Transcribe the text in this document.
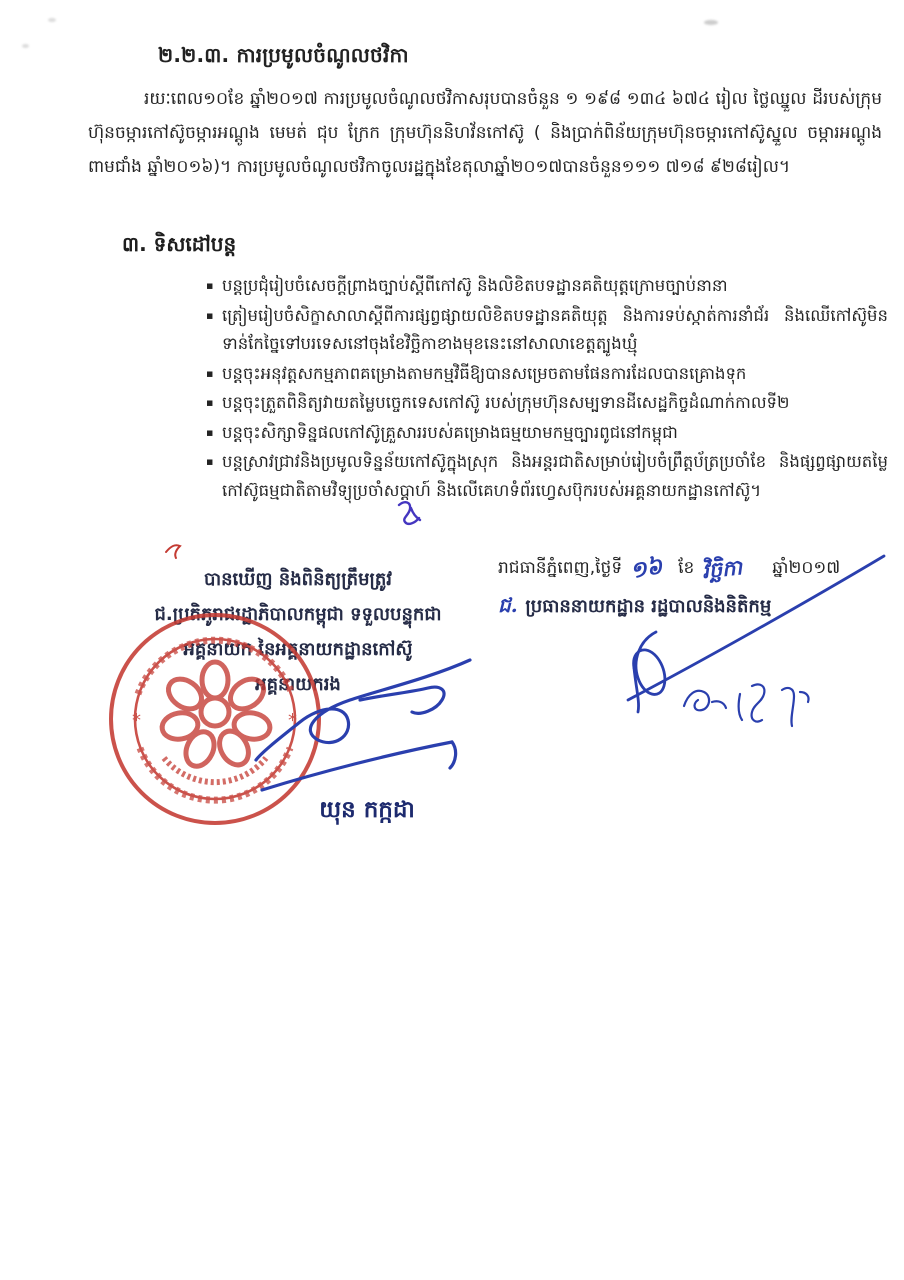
២.២.៣. ការប្រមូលចំណូលថវិកា
រយៈពេល១០ខែ ឆ្នាំ២០១៧ ការប្រមូលចំណូលថវិកាសរុបបានចំនួន ១ ១៩៨ ១៣៤ ៦៧៤ រៀល ថ្លៃឈ្នួល ដីរបស់ក្រុមហ៊ុនចម្ការកៅស៊ូចម្ការអណ្ដូង មេមត់ ជុប ក្រែក ក្រុមហ៊ុននិហវ័នកៅស៊ូ ( និងប្រាក់ពិន័យក្រុមហ៊ុនចម្ការកៅស៊ូស្នួល ចម្ការអណ្ដូង ពាមជាំង ឆ្នាំ២០១៦)។ ការប្រមូលចំណូលថវិកាចូលរដ្ឋក្នុងខែតុលាឆ្នាំ២០១៧បានចំនួន១១១ ៧១៨ ៩២៨រៀល។
៣. ទិសដៅបន្ត
▪ បន្តប្រជុំរៀបចំសេចក្ដីព្រាងច្បាប់ស្ដីពីកៅស៊ូ និងលិខិតបទដ្ឋានគតិយុត្តក្រោមច្បាប់នានា
▪ ត្រៀមរៀបចំសិក្ខាសាលាស្ដីពីការផ្សព្វផ្សាយលិខិតបទដ្ឋានគតិយុត្ត និងការទប់ស្កាត់ការនាំជ័រ និងឈើកៅស៊ូមិនទាន់កែច្នៃទៅបរទេសនៅចុងខែវិច្ឆិកាខាងមុខនេះនៅសាលាខេត្តត្បូងឃ្មុំ
▪ បន្តចុះអនុវត្តសកម្មភាពគម្រោងតាមកម្មវិធីឱ្យបានសម្រេចតាមផែនការដែលបានគ្រោងទុក
▪ បន្តចុះត្រួតពិនិត្យវាយតម្លៃបច្ចេកទេសកៅស៊ូ របស់ក្រុមហ៊ុនសម្បទានដីសេដ្ឋកិច្ចដំណាក់កាលទី២
▪ បន្តចុះសិក្សាទិន្នផលកៅស៊ូគ្រួសាររបស់គម្រោងធម្មយាមកម្មច្បារពូជនៅកម្ពុជា
▪ បន្តស្រាវជ្រាវនិងប្រមូលទិន្នន័យកៅស៊ូក្នុងស្រុក និងអន្តរជាតិសម្រាប់រៀបចំព្រឹត្តប័ត្រប្រចាំខែ និងផ្សព្វផ្សាយតម្លៃកៅស៊ូធម្មជាតិតាមវិទ្យុប្រចាំសប្ដាហ៍ និងលើគេហទំព័រហ្វេសប៊ុករបស់អគ្គនាយកដ្ឋានកៅស៊ូ។
រាជធានីភ្នំពេញ,ថ្ងៃទី ១៦ ខែ វិច្ឆិកា	ឆ្នាំ២០១៧
ជ. ប្រធាននាយកដ្ឋាន រដ្ឋបាលនិងនិតិកម្ម
បានឃើញ និងពិនិត្យត្រឹមត្រូវ
ជ.ប្រតិភូរាជរដ្ឋាភិបាលកម្ពុជា ទទួលបន្ទុកជា
អគ្គនាយក នៃអគ្គនាយកដ្ឋានកៅស៊ូ
អគ្គនាយករង
យុន កក្កដា
*	*
